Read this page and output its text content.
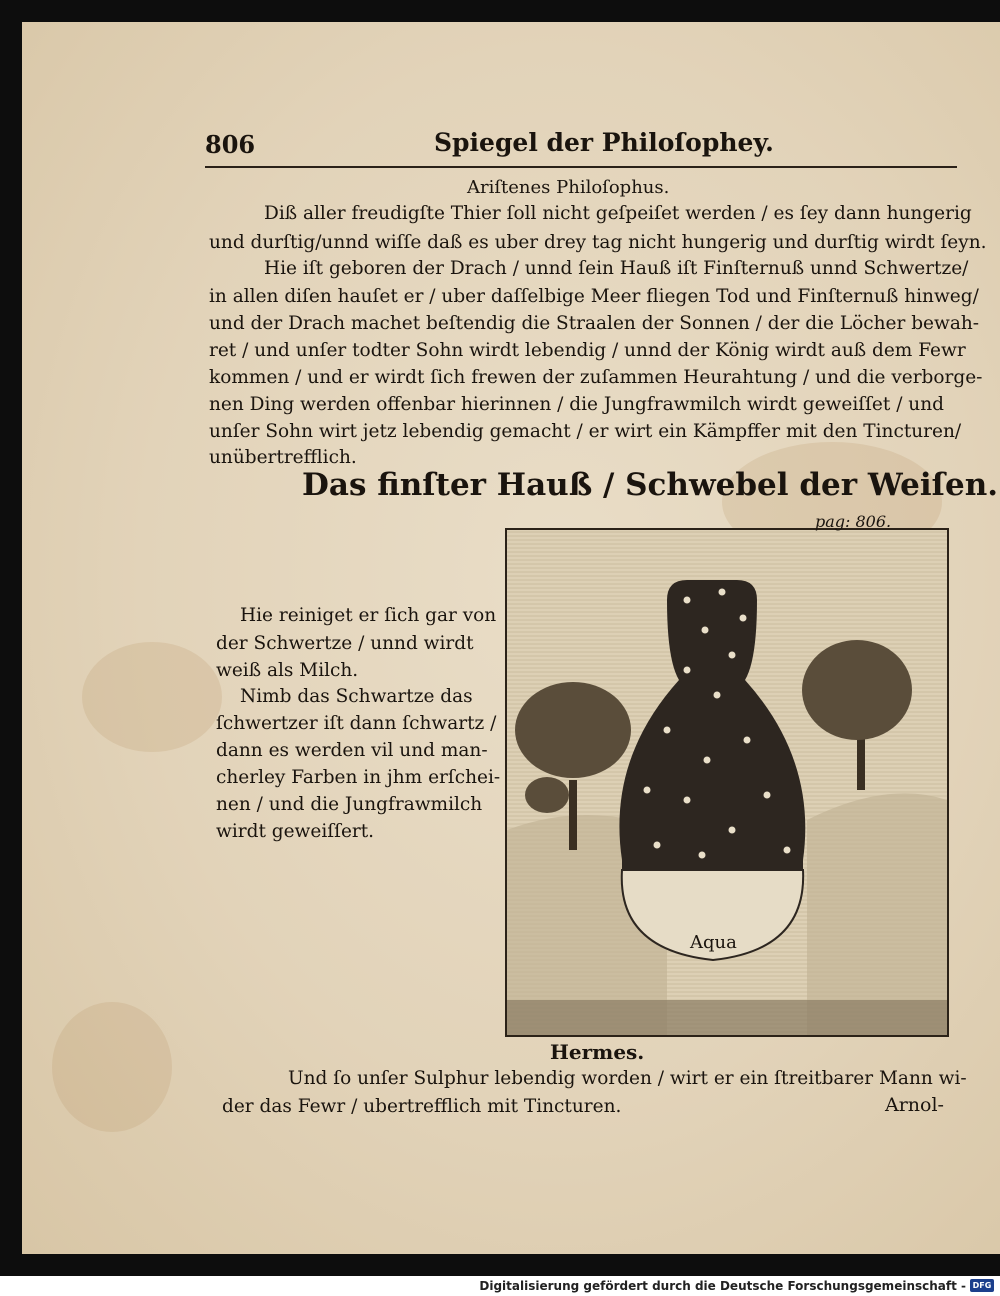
806	Spiegel der Philoſophey.
Ariſtenes Philoſophus.
Diß aller freudigſte Thier ſoll nicht geſpeiſet werden / es ſey dann hungerig
und durſtig/unnd wiſſe daß es uber drey tag nicht hungerig und durſtig wirdt ſeyn.
Hie iſt geboren der Drach / unnd ſein Hauß iſt Finſternuß unnd Schwertze/
in allen diſen hauſet er / uber daſſelbige Meer fliegen Tod und Finſternuß hinweg/
und der Drach machet beſtendig die Straalen der Sonnen / der die Löcher bewah-
ret / und unſer todter Sohn wirdt lebendig / unnd der König wirdt auß dem Fewr
kommen / und er wirdt ſich frewen der zuſammen Heurahtung / und die verborge-
nen Ding werden offenbar hierinnen / die Jungfrawmilch wirdt geweiſſet / und
unſer Sohn wirt jetz lebendig gemacht / er wirt ein Kämpffer mit den Tincturen/
unübertrefflich.
Das finſter Hauß / Schwebel der Weiſen.
pag: 806.
Aqua
Hie reiniget er ſich gar von
der Schwertze / unnd wirdt
weiß als Milch.
Nimb das Schwartze das
ſchwertzer iſt dann ſchwartz /
dann es werden vil und man-
cherley Farben in jhm erſchei-
nen / und die Jungfrawmilch
wirdt geweiſſert.
Hermes.
Und ſo unſer Sulphur lebendig worden / wirt er ein ſtreitbarer Mann wi-
der das Fewr / ubertrefflich mit Tincturen.	Arnol-
Digitalisierung gefördert durch die Deutsche Forschungsgemeinschaft - DFG
